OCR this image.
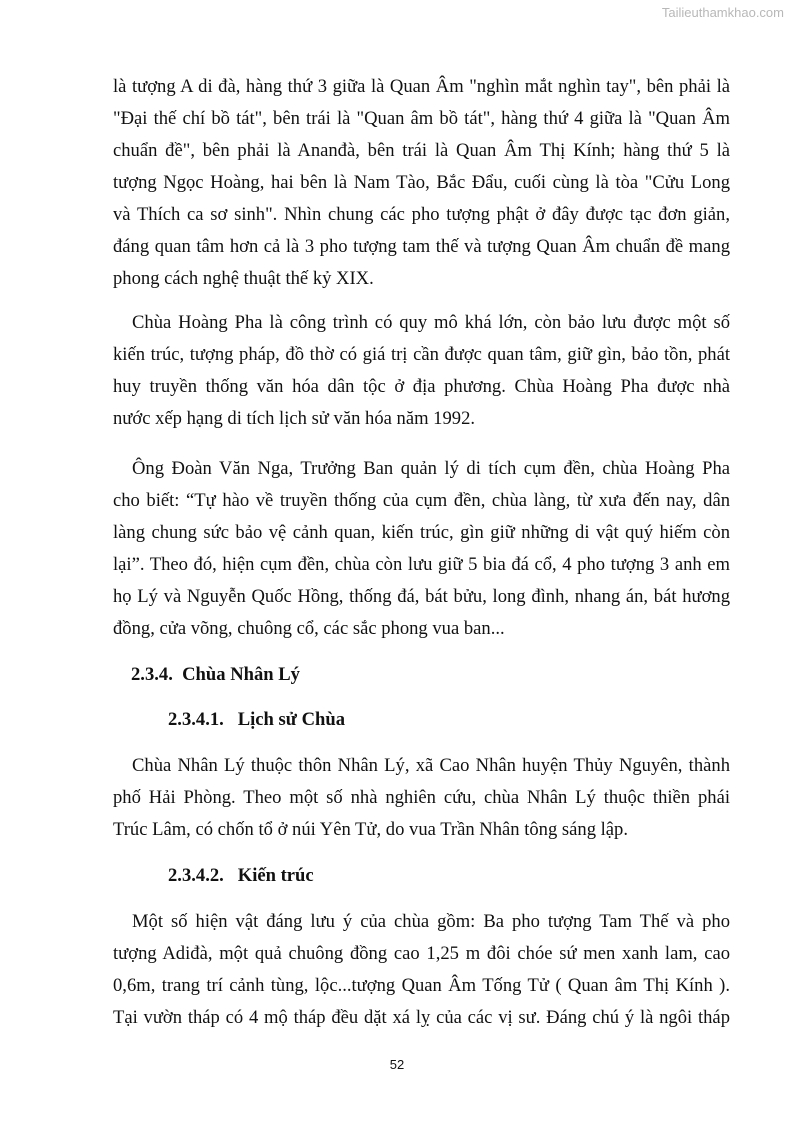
Tailieuthamkhao.com
là tượng A di đà, hàng thứ 3 giữa là Quan Âm "nghìn mắt nghìn tay", bên phải là
"Đại thế chí bồ tát", bên trái là "Quan âm bồ tát", hàng thứ 4 giữa là "Quan Âm
chuẩn đề", bên phải là Ananđà, bên trái là Quan Âm Thị Kính; hàng thứ 5 là
tượng Ngọc Hoàng, hai bên là Nam Tào, Bắc Đẩu, cuối cùng là tòa "Cửu Long
và Thích ca sơ sinh". Nhìn chung các pho tượng phật ở đây được tạc đơn giản,
đáng quan tâm hơn cả là 3 pho tượng tam thế và tượng Quan Âm chuẩn đề mang
phong cách nghệ thuật thế kỷ XIX.
Chùa Hoàng Pha là công trình có quy mô khá lớn, còn bảo lưu được một số
kiến trúc, tượng pháp, đồ thờ có giá trị cần được quan tâm, giữ gìn, bảo tồn, phát
huy truyền thống văn hóa dân tộc ở địa phương. Chùa Hoàng Pha được nhà
nước xếp hạng di tích lịch sử văn hóa năm 1992.
Ông Đoàn Văn Nga, Trưởng Ban quản lý di tích cụm đền, chùa Hoàng Pha
cho biết: “Tự hào về truyền thống của cụm đền, chùa làng, từ xưa đến nay, dân
làng chung sức bảo vệ cảnh quan, kiến trúc, gìn giữ những di vật quý hiếm còn
lại”. Theo đó, hiện cụm đền, chùa còn lưu giữ 5 bia đá cổ, 4 pho tượng 3 anh em
họ Lý và Nguyễn Quốc Hồng, thống đá, bát bửu, long đình, nhang án, bát hương
đồng, cửa võng, chuông cổ, các sắc phong vua ban...
2.3.4.  Chùa Nhân Lý
2.3.4.1.   Lịch sử Chùa
Chùa Nhân Lý thuộc thôn Nhân Lý, xã Cao Nhân huyện Thủy Nguyên, thành
phố Hải Phòng. Theo một số nhà nghiên cứu, chùa Nhân Lý thuộc thiền phái
Trúc Lâm, có chốn tổ ở núi Yên Tử, do vua Trần Nhân tông sáng lập.
2.3.4.2.   Kiến trúc
Một số hiện vật đáng lưu ý của chùa gồm: Ba pho tượng Tam Thế và pho
tượng Adiđà, một quả chuông đồng cao 1,25 m đôi chóe sứ men xanh lam, cao
0,6m, trang trí cảnh tùng, lộc...tượng Quan Âm Tống Tử ( Quan âm Thị Kính ).
Tại vườn tháp có 4 mộ tháp đều dặt xá lỵ của các vị sư. Đáng chú ý là ngôi tháp
52
